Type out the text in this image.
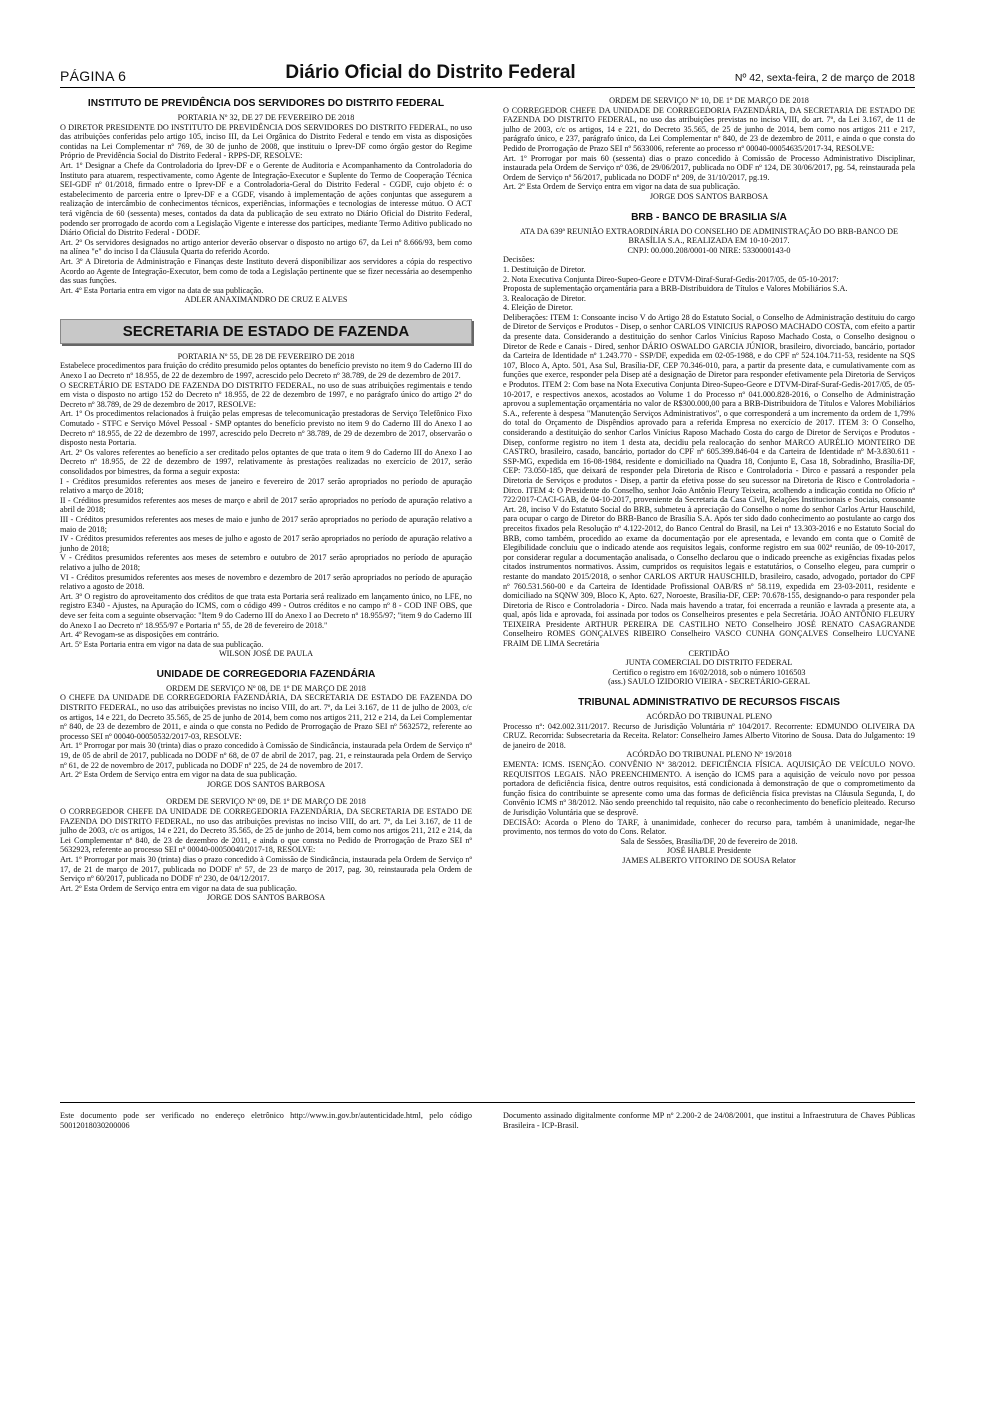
PÁGINA 6	Diário Oficial do Distrito Federal	Nº 42, sexta-feira, 2 de março de 2018
INSTITUTO DE PREVIDÊNCIA DOS SERVIDORES DO DISTRITO FEDERAL

PORTARIA Nº 32, DE 27 DE FEVEREIRO DE 2018

O DIRETOR PRESIDENTE DO INSTITUTO DE PREVIDÊNCIA DOS SERVIDORES DO DISTRITO FEDERAL, no uso das atribuições conferidas pelo artigo 105, inciso III, da Lei Orgânica do Distrito Federal e tendo em vista as disposições contidas na Lei Complementar nº 769, de 30 de junho de 2008, que instituiu o Iprev-DF como órgão gestor do Regime Próprio de Previdência Social do Distrito Federal - RPPS-DF, RESOLVE:

Art. 1º Designar a Chefe da Controladoria do Iprev-DF e o Gerente de Auditoria e Acompanhamento da Controladoria do Instituto para atuarem, respectivamente, como Agente de Integração-Executor e Suplente do Termo de Cooperação Técnica SEI-GDF nº 01/2018, firmado entre o Iprev-DF e a Controladoria-Geral do Distrito Federal - CGDF, cujo objeto é: o estabelecimento de parceria entre o Iprev-DF e a CGDF, visando à implementação de ações conjuntas que assegurem a realização de intercâmbio de conhecimentos técnicos, experiências, informações e tecnologias de interesse mútuo. O ACT terá vigência de 60 (sessenta) meses, contados da data da publicação de seu extrato no Diário Oficial do Distrito Federal, podendo ser prorrogado de acordo com a Legislação Vigente e interesse dos partícipes, mediante Termo Aditivo publicado no Diário Oficial do Distrito Federal - DODF.

Art. 2º Os servidores designados no artigo anterior deverão observar o disposto no artigo 67, da Lei nº 8.666/93, bem como na alínea "e" do inciso I da Cláusula Quarta do referido Acordo.

Art. 3º A Diretoria de Administração e Finanças deste Instituto deverá disponibilizar aos servidores a cópia do respectivo Acordo ao Agente de Integração-Executor, bem como de toda a Legislação pertinente que se fizer necessária ao desempenho das suas funções.

Art. 4º Esta Portaria entra em vigor na data de sua publicação.

ADLER ANAXIMANDRO DE CRUZ E ALVES

SECRETARIA DE ESTADO DE FAZENDA

PORTARIA Nº 55, DE 28 DE FEVEREIRO DE 2018

Estabelece procedimentos para fruição do crédito presumido pelos optantes do benefício previsto no item 9 do Caderno III do Anexo I ao Decreto nº 18.955, de 22 de dezembro de 1997, acrescido pelo Decreto nº 38.789, de 29 de dezembro de 2017.

O SECRETÁRIO DE ESTADO DE FAZENDA DO DISTRITO FEDERAL, no uso de suas atribuições regimentais e tendo em vista o disposto no artigo 152 do Decreto nº 18.955, de 22 de dezembro de 1997, e no parágrafo único do artigo 2º do Decreto nº 38.789, de 29 de dezembro de 2017, RESOLVE:

Art. 1º Os procedimentos relacionados à fruição pelas empresas de telecomunicação prestadoras de Serviço Telefônico Fixo Comutado - STFC e Serviço Móvel Pessoal - SMP optantes do benefício previsto no item 9 do Caderno III do Anexo I ao Decreto nº 18.955, de 22 de dezembro de 1997, acrescido pelo Decreto nº 38.789, de 29 de dezembro de 2017, observarão o disposto nesta Portaria.

Art. 2º Os valores referentes ao benefício a ser creditado pelos optantes de que trata o item 9 do Caderno III do Anexo I ao Decreto nº 18.955, de 22 de dezembro de 1997, relativamente às prestações realizadas no exercício de 2017, serão consolidados por bimestres, da forma a seguir exposta:

I - Créditos presumidos referentes aos meses de janeiro e fevereiro de 2017 serão apropriados no período de apuração relativo a março de 2018;

II - Créditos presumidos referentes aos meses de março e abril de 2017 serão apropriados no período de apuração relativo a abril de 2018;

III - Créditos presumidos referentes aos meses de maio e junho de 2017 serão apropriados no período de apuração relativo a maio de 2018;

IV - Créditos presumidos referentes aos meses de julho e agosto de 2017 serão apropriados no período de apuração relativo a junho de 2018;

V - Créditos presumidos referentes aos meses de setembro e outubro de 2017 serão apropriados no período de apuração relativo a julho de 2018;

VI - Créditos presumidos referentes aos meses de novembro e dezembro de 2017 serão apropriados no período de apuração relativo a agosto de 2018.

Art. 3º O registro do aproveitamento dos créditos de que trata esta Portaria será realizado em lançamento único, no LFE, no registro E340 - Ajustes, na Apuração do ICMS, com o código 499 - Outros créditos e no campo nº 8 - COD INF OBS, que deve ser feita com a seguinte observação: "Item 9 do Caderno III do Anexo I ao Decreto nº 18.955/97; "item 9 do Caderno III do Anexo I ao Decreto nº 18.955/97 e Portaria nº 55, de 28 de fevereiro de 2018."

Art. 4º Revogam-se as disposições em contrário.

Art. 5º Esta Portaria entra em vigor na data de sua publicação.

WILSON JOSÉ DE PAULA

UNIDADE DE CORREGEDORIA FAZENDÁRIA

ORDEM DE SERVIÇO Nº 08, DE 1º DE MARÇO DE 2018

O CHEFE DA UNIDADE DE CORREGEDORIA FAZENDÁRIA, DA SECRETARIA DE ESTADO DE FAZENDA DO DISTRITO FEDERAL, no uso das atribuições previstas no inciso VIII, do art. 7º, da Lei 3.167, de 11 de julho de 2003, c/c os artigos, 14 e 221, do Decreto 35.565, de 25 de junho de 2014, bem como nos artigos 211, 212 e 214, da Lei Complementar nº 840, de 23 de dezembro de 2011, e ainda o que consta no Pedido de Prorrogação de Prazo SEI nº 5632572, referente ao processo SEI nº 00040-00050532/2017-03, RESOLVE:

Art. 1º Prorrogar por mais 30 (trinta) dias o prazo concedido à Comissão de Sindicância, instaurada pela Ordem de Serviço nº 19, de 05 de abril de 2017, publicada no DODF nº 68, de 07 de abril de 2017, pag. 21, e reinstaurada pela Ordem de Serviço nº 61, de 22 de novembro de 2017, publicada no DODF nº 225, de 24 de novembro de 2017.

Art. 2º Esta Ordem de Serviço entra em vigor na data de sua publicação.

JORGE DOS SANTOS BARBOSA

ORDEM DE SERVIÇO Nº 09, DE 1º DE MARÇO DE 2018

O CORREGEDOR CHEFE DA UNIDADE DE CORREGEDORIA FAZENDÁRIA, DA SECRETARIA DE ESTADO DE FAZENDA DO DISTRITO FEDERAL, no uso das atribuições previstas no inciso VIII, do art. 7º, da Lei 3.167, de 11 de julho de 2003, c/c os artigos, 14 e 221, do Decreto 35.565, de 25 de junho de 2014, bem como nos artigos 211, 212 e 214, da Lei Complementar nº 840, de 23 de dezembro de 2011, e ainda o que consta no Pedido de Prorrogação de Prazo SEI nº 5632923, referente ao processo SEI nº 00040-00050040/2017-18, RESOLVE:

Art. 1º Prorrogar por mais 30 (trinta) dias o prazo concedido à Comissão de Sindicância, instaurada pela Ordem de Serviço nº 17, de 21 de março de 2017, publicada no DODF nº 57, de 23 de março de 2017, pag. 30, reinstaurada pela Ordem de Serviço nº 60/2017, publicada no DODF nº 230, de 04/12/2017.

Art. 2º Esta Ordem de Serviço entra em vigor na data de sua publicação.

JORGE DOS SANTOS BARBOSA

ORDEM DE SERVIÇO Nº 10, DE 1º DE MARÇO DE 2018

O CORREGEDOR CHEFE DA UNIDADE DE CORREGEDORIA FAZENDÁRIA, DA SECRETARIA DE ESTADO DE FAZENDA DO DISTRITO FEDERAL, no uso das atribuições previstas no inciso VIII, do art. 7º, da Lei 3.167, de 11 de julho de 2003, c/c os artigos, 14 e 221, do Decreto 35.565, de 25 de junho de 2014, bem como nos artigos 211 e 217, parágrafo único, e 237, parágrafo único, da Lei Complementar nº 840, de 23 de dezembro de 2011, e ainda o que consta do Pedido de Prorrogação de Prazo SEI nº 5633006, referente ao processo nº 00040-00054635/2017-34, RESOLVE:

Art. 1º Prorrogar por mais 60 (sessenta) dias o prazo concedido à Comissão de Processo Administrativo Disciplinar, instaurada pela Ordem de Serviço nº 036, de 29/06/2017, publicada no ODF nº 124, DE 30/06/2017, pg. 54, reinstaurada pela Ordem de Serviço nº 56/2017, publicada no DODF nº 209, de 31/10/2017, pg.19.

Art. 2º Esta Ordem de Serviço entra em vigor na data de sua publicação.

JORGE DOS SANTOS BARBOSA

BRB - BANCO DE BRASILIA S/A

ATA DA 639ª REUNIÃO EXTRAORDINÁRIA DO CONSELHO DE ADMINISTRAÇÃO DO BRB-BANCO DE BRASÍLIA S.A., REALIZADA EM 10-10-2017.

CNPJ: 00.000.208/0001-00 NIRE: 5330000143-0

Decisões:

1. Destituição de Diretor.

2. Nota Executiva Conjunta Direo-Supeo-Geore e DTVM-Diraf-Suraf-Gedis-2017/05, de 05-10-2017:

Proposta de suplementação orçamentária para a BRB-Distribuidora de Títulos e Valores Mobiliários S.A.

3. Realocação de Diretor.

4. Eleição de Diretor.

Deliberações: ITEM 1: Consoante inciso V do Artigo 28 do Estatuto Social, o Conselho de Administração destituiu do cargo de Diretor de Serviços e Produtos - Disep, o senhor CARLOS VINICIUS RAPOSO MACHADO COSTA, com efeito a partir da presente data. Considerando a destituição do senhor Carlos Vinícius Raposo Machado Costa, o Conselho designou o Diretor de Rede e Canais - Dired, senhor DÁRIO OSWALDO GARCIA JÚNIOR, brasileiro, divorciado, bancário, portador da Carteira de Identidade nº 1.243.770 - SSP/DF, expedida em 02-05-1988, e do CPF nº 524.104.711-53, residente na SQS 107, Bloco A, Apto. 501, Asa Sul, Brasília-DF, CEP 70.346-010, para, a partir da presente data, e cumulativamente com as funções que exerce, responder pela Disep até a designação de Diretor para responder efetivamente pela Diretoria de Serviços e Produtos. ITEM 2: Com base na Nota Executiva Conjunta Direo-Supeo-Geore e DTVM-Diraf-Suraf-Gedis-2017/05, de 05-10-2017, e respectivos anexos, acostados ao Volume 1 do Processo nº 041.000.828-2016, o Conselho de Administração aprovou a suplementação orçamentária no valor de R$300.000,00 para a BRB-Distribuidora de Títulos e Valores Mobiliários S.A., referente à despesa "Manutenção Serviços Administrativos", o que corresponderá a um incremento da ordem de 1,79% do total do Orçamento de Dispêndios aprovado para a referida Empresa no exercício de 2017. ITEM 3: O Conselho, considerando a destituição do senhor Carlos Vinícius Raposo Machado Costa do cargo de Diretor de Serviços e Produtos - Disep, conforme registro no item 1 desta ata, decidiu pela realocação do senhor MARCO AURÉLIO MONTEIRO DE CASTRO, brasileiro, casado, bancário, portador do CPF nº 605.399.846-04 e da Carteira de Identidade nº M-3.830.611 - SSP-MG, expedida em 16-08-1984, residente e domiciliado na Quadra 18, Conjunto E, Casa 18, Sobradinho, Brasília-DF, CEP: 73.050-185, que deixará de responder pela Diretoria de Risco e Controladoria - Dirco e passará a responder pela Diretoria de Serviços e produtos - Disep, a partir da efetiva posse do seu sucessor na Diretoria de Risco e Controladoria - Dirco. ITEM 4: O Presidente do Conselho, senhor João Antônio Fleury Teixeira, acolhendo a indicação contida no Ofício nº 722/2017-CACI-GAB, de 04-10-2017, proveniente da Secretaria da Casa Civil, Relações Institucionais e Sociais, consoante Art. 28, inciso V do Estatuto Social do BRB, submeteu à apreciação do Conselho o nome do senhor Carlos Artur Hauschild, para ocupar o cargo de Diretor do BRB-Banco de Brasília S.A. Após ter sido dado conhecimento ao postulante ao cargo dos preceitos fixados pela Resolução nº 4.122-2012, do Banco Central do Brasil, na Lei nº 13.303-2016 e no Estatuto Social do BRB, como também, procedido ao exame da documentação por ele apresentada, e levando em conta que o Comitê de Elegibilidade concluiu que o indicado atende aos requisitos legais, conforme registro em sua 002ª reunião, de 09-10-2017, por considerar regular a documentação analisada, o Conselho declarou que o indicado preenche as exigências fixadas pelos citados instrumentos normativos. Assim, cumpridos os requisitos legais e estatutários, o Conselho elegeu, para cumprir o restante do mandato 2015/2018, o senhor CARLOS ARTUR HAUSCHILD, brasileiro, casado, advogado, portador do CPF nº 760.531.560-00 e da Carteira de Identidade Profissional OAB/RS nº 58.119, expedida em 23-03-2011, residente e domiciliado na SQNW 309, Bloco K, Apto. 627, Noroeste, Brasília-DF, CEP: 70.678-155, designando-o para responder pela Diretoria de Risco e Controladoria - Dirco. Nada mais havendo a tratar, foi encerrada a reunião e lavrada a presente ata, a qual, após lida e aprovada, foi assinada por todos os Conselheiros presentes e pela Secretária. JOÃO ANTÔNIO FLEURY TEIXEIRA Presidente ARTHUR PEREIRA DE CASTILHO NETO Conselheiro JOSÉ RENATO CASAGRANDE Conselheiro ROMES GONÇALVES RIBEIRO Conselheiro VASCO CUNHA GONÇALVES Conselheiro LUCYANE FRAIM DE LIMA Secretária

CERTIDÃO

JUNTA COMERCIAL DO DISTRITO FEDERAL

Certifico o registro em 16/02/2018, sob o número 1016503

(ass.) SAULO IZIDORIO VIEIRA - SECRETÁRIO-GERAL

TRIBUNAL ADMINISTRATIVO DE RECURSOS FISCAIS

ACÓRDÃO DO TRIBUNAL PLENO

Processo nº: 042.002.311/2017. Recurso de Jurisdição Voluntária nº 104/2017. Recorrente: EDMUNDO OLIVEIRA DA CRUZ. Recorrida: Subsecretaria da Receita. Relator: Conselheiro James Alberto Vitorino de Sousa. Data do Julgamento: 19 de janeiro de 2018.

ACÓRDÃO DO TRIBUNAL PLENO Nº 19/2018

EMENTA: ICMS. ISENÇÃO. CONVÊNIO Nº 38/2012. DEFICIÊNCIA FÍSICA. AQUISIÇÃO DE VEÍCULO NOVO. REQUISITOS LEGAIS. NÃO PREENCHIMENTO. A isenção do ICMS para a aquisição de veículo novo por pessoa portadora de deficiência física, dentre outros requisitos, está condicionada à demonstração de que o comprometimento da função física do contribuinte se apresente como uma das formas de deficiência física previstas na Cláusula Segunda, I, do Convênio ICMS nº 38/2012. Não sendo preenchido tal requisito, não cabe o reconhecimento do benefício pleiteado. Recurso de Jurisdição Voluntária que se desprovê.

DECISÃO: Acorda o Pleno do TARF, à unanimidade, conhecer do recurso para, também à unanimidade, negar-lhe provimento, nos termos do voto do Cons. Relator.

Sala de Sessões, Brasília/DF, 20 de fevereiro de 2018.

JOSÉ HABLE Presidente

JAMES ALBERTO VITORINO DE SOUSA Relator

Este documento pode ser verificado no endereço eletrônico http://www.in.gov.br/autenticidade.html, pelo código 50012018030200006
Documento assinado digitalmente conforme MP nº 2.200-2 de 24/08/2001, que institui a Infraestrutura de Chaves Públicas Brasileira - ICP-Brasil.
